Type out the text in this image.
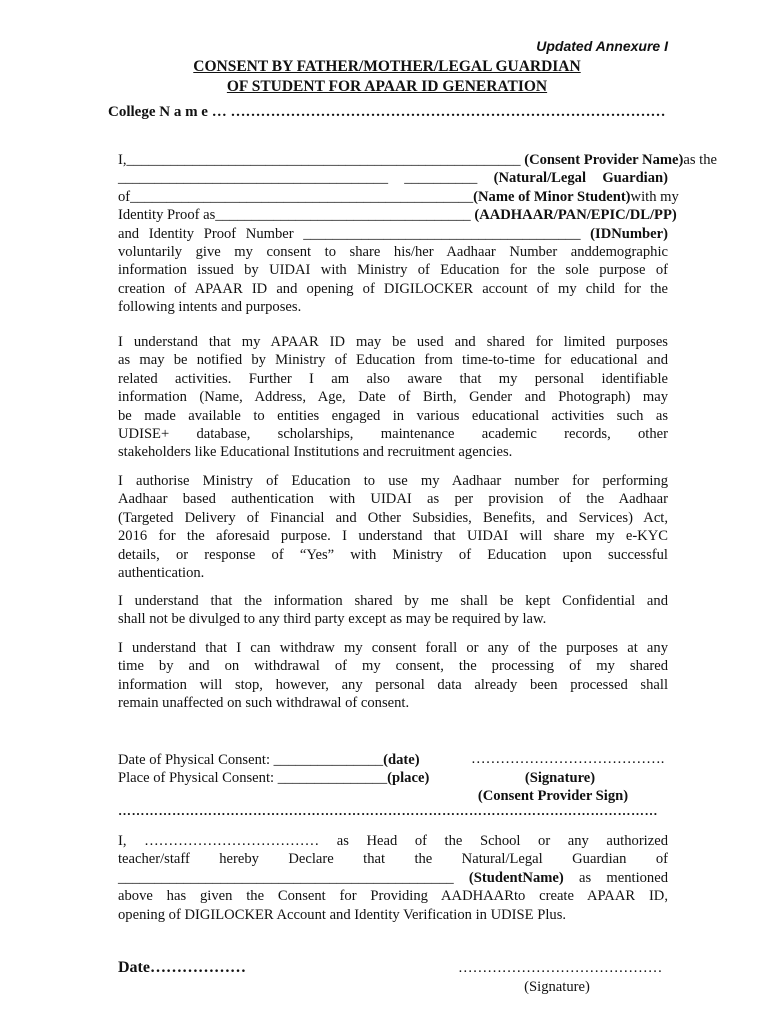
Updated Annexure I
CONSENT BY FATHER/MOTHER/LEGAL GUARDIAN
OF STUDENT FOR APAAR ID GENERATION
College N a m e … ……………………………………………………………………………
I,______________________________________________________ (Consent Provider Name)as the
_____________________________________ __________ (Natural/Legal Guardian)
of_______________________________________________(Name of Minor Student)with my
Identity Proof as___________________________________ (AADHAAR/PAN/EPIC/DL/PP)
and Identity Proof Number ______________________________________ (IDNumber)
voluntarily give my consent to share his/her Aadhaar Number anddemographic
information issued by UIDAI with Ministry of Education for the sole purpose of
creation of APAAR ID and opening of DIGILOCKER account of my child for the
following intents and purposes.
I understand that my APAAR ID may be used and shared for limited purposes
as may be notified by Ministry of Education from time-to-time for educational and
related activities. Further I am also aware that my personal identifiable
information (Name, Address, Age, Date of Birth, Gender and Photograph) may
be made available to entities engaged in various educational activities such as
UDISE+ database, scholarships, maintenance academic records, other
stakeholders like Educational Institutions and recruitment agencies.
I authorise Ministry of Education to use my Aadhaar number for performing
Aadhaar based authentication with UIDAI as per provision of the Aadhaar
(Targeted Delivery of Financial and Other Subsidies, Benefits, and Services) Act,
2016 for the aforesaid purpose. I understand that UIDAI will share my e-KYC
details, or response of “Yes” with Ministry of Education upon successful
authentication.
I understand that the information shared by me shall be kept Confidential and
shall not be divulged to any third party except as may be required by law.
I understand that I can withdraw my consent forall or any of the purposes at any
time by and on withdrawal of my consent, the processing of my shared
information will stop, however, any personal data already been processed shall
remain unaffected on such withdrawal of consent.
Date of Physical Consent: _______________(date)
Place of Physical Consent: _______________(place)
………………………………….
(Signature)
(Consent Provider Sign)
…………………………………………………………………………………………………………
I, ……………………………… as Head of the School or any authorized
teacher/staff hereby Declare that the Natural/Legal Guardian of
______________________________________________ (StudentName) as mentioned
above has given the Consent for Providing AADHAARto create APAAR ID,
opening of DIGILOCKER Account and Identity Verification in UDISE Plus.
Date………………	……………………………………
(Signature)
